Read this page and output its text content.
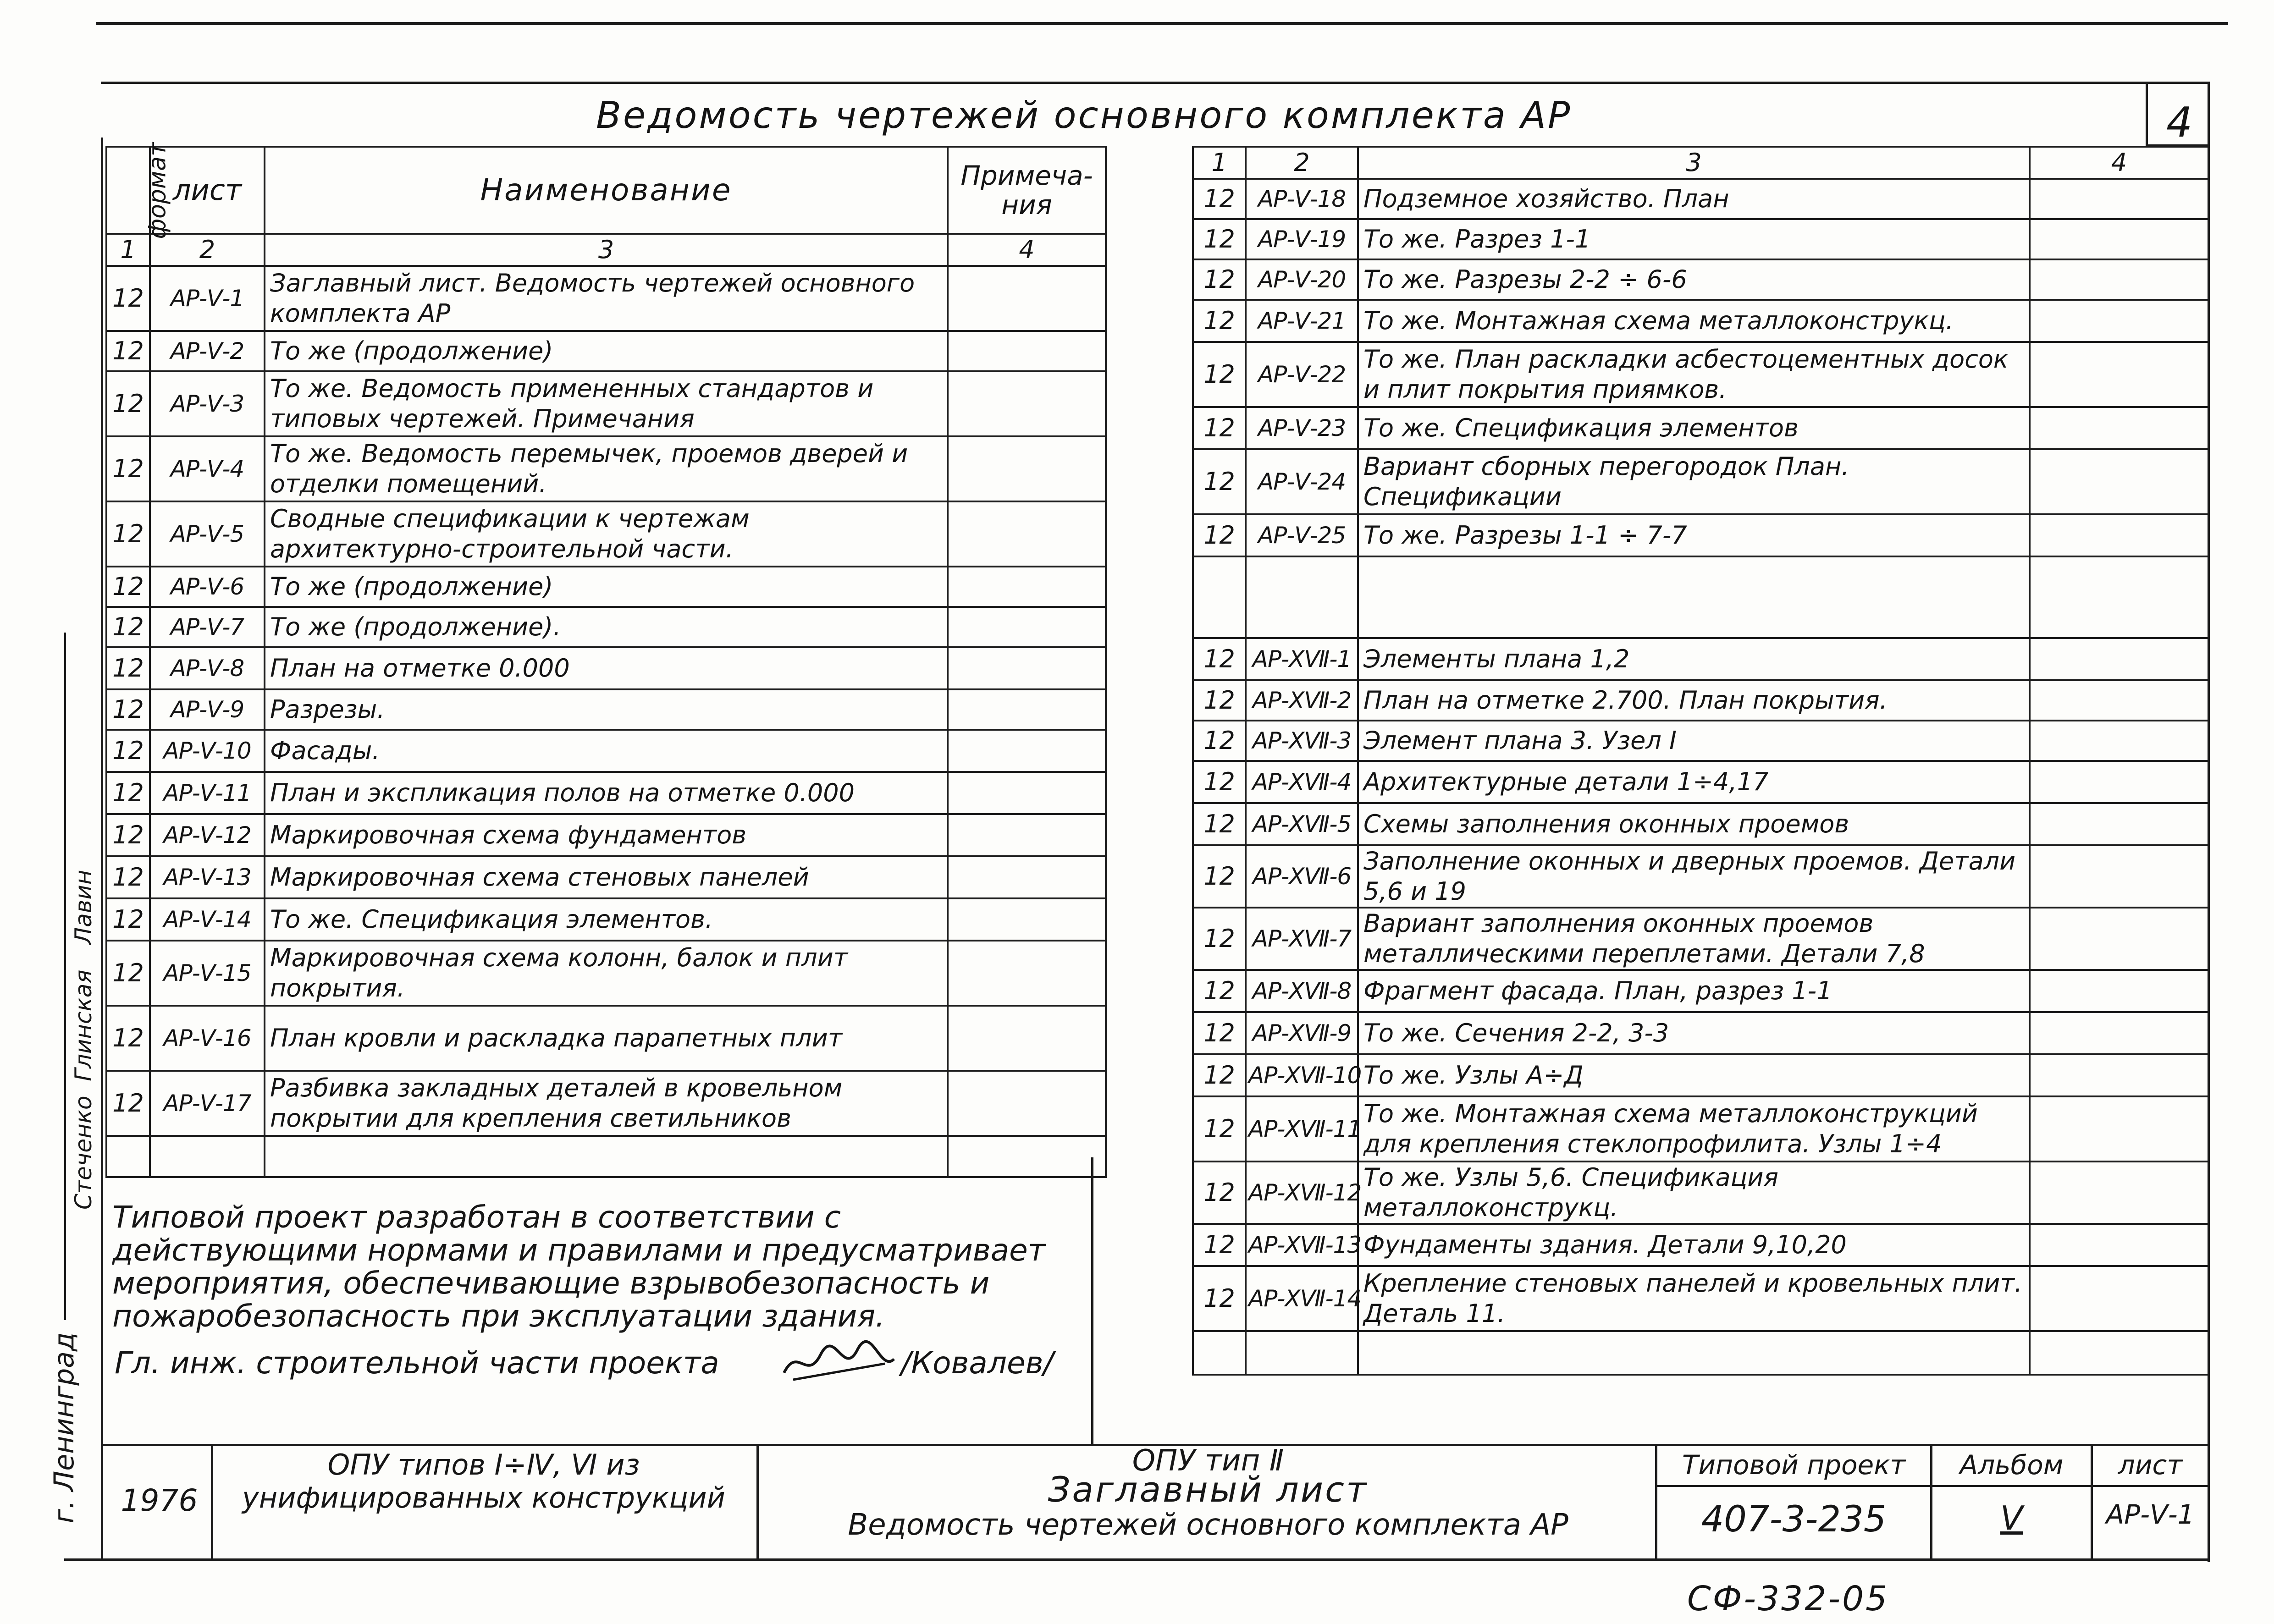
Ведомость чертежей основного комплекта АР	4
формат	лист	Наименование	Примеча-ния
1	2	3	4
12	АР-Ⅴ-1	Заглавный лист. Ведомость чертежей основного комплекта АР	
12	АР-Ⅴ-2	То же (продолжение)	
12	АР-Ⅴ-3	То же. Ведомость примененных стандартов и типовых чертежей. Примечания	
12	АР-Ⅴ-4	То же. Ведомость перемычек, проемов дверей и отделки помещений.	
12	АР-Ⅴ-5	Сводные спецификации к чертежам архитектурно-строительной части.	
12	АР-Ⅴ-6	То же (продолжение)	
12	АР-Ⅴ-7	То же (продолжение).	
12	АР-Ⅴ-8	План на отметке 0.000	
12	АР-Ⅴ-9	Разрезы.	
12	АР-Ⅴ-10	Фасады.	
12	АР-Ⅴ-11	План и экспликация полов на отметке 0.000	
12	АР-Ⅴ-12	Маркировочная схема фундаментов	
12	АР-Ⅴ-13	Маркировочная схема стеновых панелей	
12	АР-Ⅴ-14	То же. Спецификация элементов.	
12	АР-Ⅴ-15	Маркировочная схема колонн, балок и плит покрытия.	
12	АР-Ⅴ-16	План кровли и раскладка парапетных плит	
12	АР-Ⅴ-17	Разбивка закладных деталей в кровельном покрытии для крепления светильников	

1	2	3	4
12	АР-Ⅴ-18	Подземное хозяйство. План	
12	АР-Ⅴ-19	То же. Разрез 1-1	
12	АР-Ⅴ-20	То же. Разрезы 2-2 ÷ 6-6	
12	АР-Ⅴ-21	То же. Монтажная схема металлоконструкц.	
12	АР-Ⅴ-22	То же. План раскладки асбестоцементных досок и плит покрытия приямков.	
12	АР-Ⅴ-23	То же. Спецификация элементов	
12	АР-Ⅴ-24	Вариант сборных перегородок План. Спецификации	
12	АР-Ⅴ-25	То же. Разрезы 1-1 ÷ 7-7	

12	АР-ⅩⅦ-1	Элементы плана 1,2	
12	АР-ⅩⅦ-2	План на отметке 2.700. План покрытия.	
12	АР-ⅩⅦ-3	Элемент плана 3. Узел Ⅰ	
12	АР-ⅩⅦ-4	Архитектурные детали 1÷4,17	
12	АР-ⅩⅦ-5	Схемы заполнения оконных проемов	
12	АР-ⅩⅦ-6	Заполнение оконных и дверных проемов. Детали 5,6 и 19	
12	АР-ⅩⅦ-7	Вариант заполнения оконных проемов металлическими переплетами. Детали 7,8	
12	АР-ⅩⅦ-8	Фрагмент фасада. План, разрез 1-1	
12	АР-ⅩⅦ-9	То же. Сечения 2-2, 3-3	
12	АР-ⅩⅦ-10	То же. Узлы А÷Д	
12	АР-ⅩⅦ-11	То же. Монтажная схема металлоконструкций для крепления стеклопрофилита. Узлы 1÷4	
12	АР-ⅩⅦ-12	То же. Узлы 5,6. Спецификация металлоконструкц.	
12	АР-ⅩⅦ-13	Фундаменты здания. Детали 9,10,20	
12	АР-ⅩⅦ-14	Крепление стеновых панелей и кровельных плит. Деталь 11.	

Типовой проект разработан в соответствии с действующими нормами и правилами и предусматривает мероприятия, обеспечивающие взрывобезопасность и пожаробезопасность при эксплуатации здания.
Гл. инж. строительной части проекта	/Ковалев/
Стеченко
Глинская
Лавин
г. Ленинград	1976
ОПУ типов Ⅰ÷Ⅳ, Ⅵ из унифицированных конструкций
ОПУ тип Ⅱ
Заглавный лист
Ведомость чертежей основного комплекта АР
Типовой проект
407-3-235
Альбом
Ⅴ
лист
АР-Ⅴ-1
СФ-332-05
